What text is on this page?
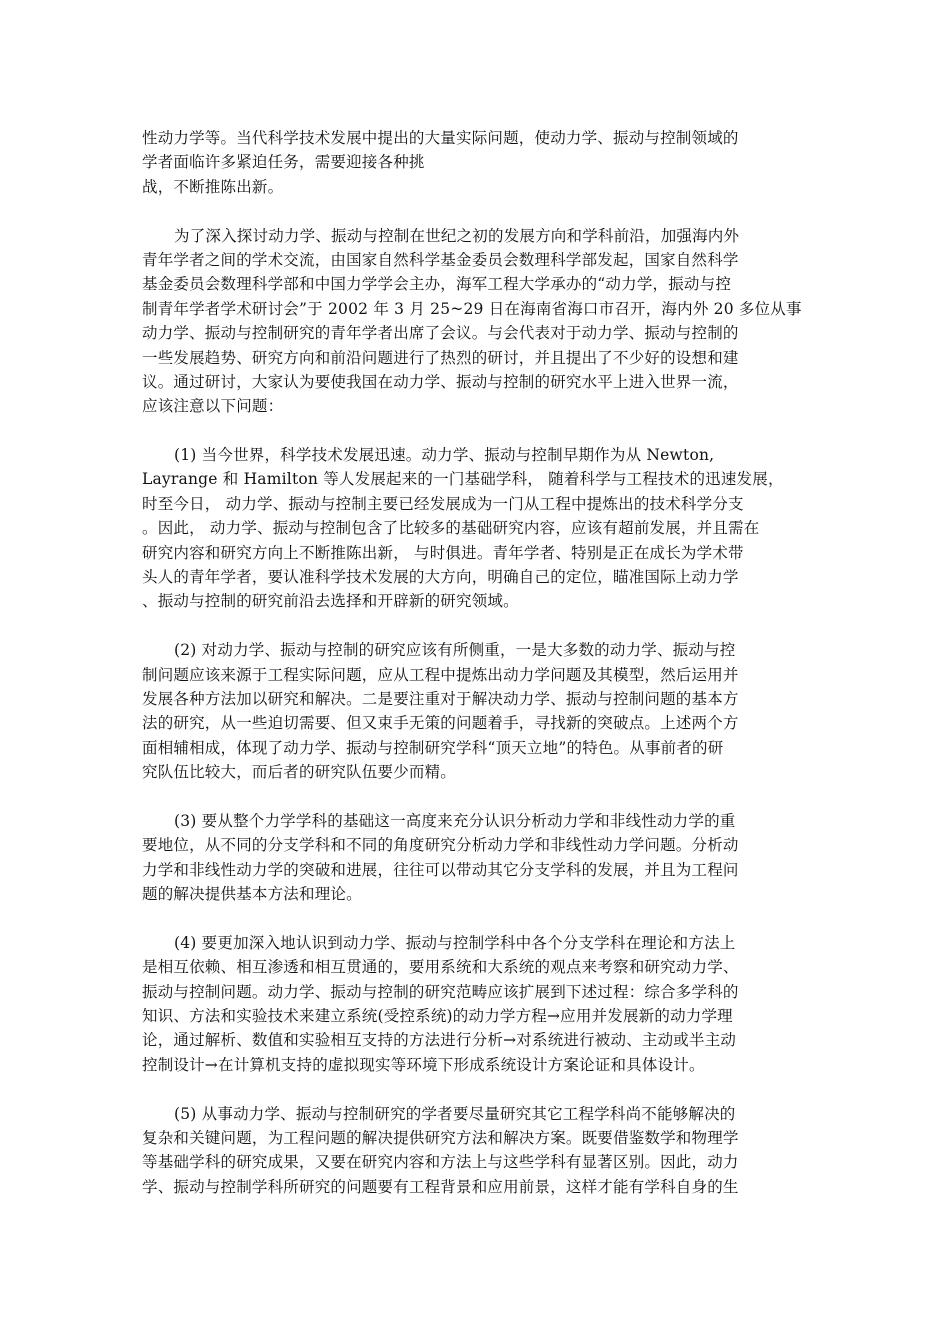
性动力学等。当代科学技术发展中提出的大量实际问题，使动力学、振动与控制领域的
学者面临许多紧迫任务，需要迎接各种挑
战，不断推陈出新。
为了深入探讨动力学、振动与控制在世纪之初的发展方向和学科前沿，加强海内外
青年学者之间的学术交流，由国家自然科学基金委员会数理科学部发起，国家自然科学
基金委员会数理科学部和中国力学学会主办，海军工程大学承办的“动力学，振动与控
制青年学者学术研讨会”于 2002 年 3 月 25~29 日在海南省海口市召开，海内外 20 多位从事
动力学、振动与控制研究的青年学者出席了会议。与会代表对于动力学、振动与控制的
一些发展趋势、研究方向和前沿问题进行了热烈的研讨，并且提出了不少好的设想和建
议。通过研讨，大家认为要使我国在动力学、振动与控制的研究水平上进入世界一流，
应该注意以下问题：
(1) 当今世界，科学技术发展迅速。动力学、振动与控制早期作为从 Newton,
Layrange 和 Hamilton 等人发展起来的一门基础学科， 随着科学与工程技术的迅速发展，
时至今日， 动力学、振动与控制主要已经发展成为一门从工程中提炼出的技术科学分支
。因此， 动力学、振动与控制包含了比较多的基础研究内容，应该有超前发展，并且需在
研究内容和研究方向上不断推陈出新， 与时俱进。青年学者、特别是正在成长为学术带
头人的青年学者，要认准科学技术发展的大方向，明确自己的定位，瞄准国际上动力学
、振动与控制的研究前沿去选择和开辟新的研究领域。
(2) 对动力学、振动与控制的研究应该有所侧重，一是大多数的动力学、振动与控
制问题应该来源于工程实际问题，应从工程中提炼出动力学问题及其模型，然后运用并
发展各种方法加以研究和解决。二是要注重对于解决动力学、振动与控制问题的基本方
法的研究，从一些迫切需要、但又束手无策的问题着手，寻找新的突破点。上述两个方
面相辅相成，体现了动力学、振动与控制研究学科“顶天立地”的特色。从事前者的研
究队伍比较大，而后者的研究队伍要少而精。
(3) 要从整个力学学科的基础这一高度来充分认识分析动力学和非线性动力学的重
要地位，从不同的分支学科和不同的角度研究分析动力学和非线性动力学问题。分析动
力学和非线性动力学的突破和进展，往往可以带动其它分支学科的发展，并且为工程问
题的解决提供基本方法和理论。
(4) 要更加深入地认识到动力学、振动与控制学科中各个分支学科在理论和方法上
是相互依赖、相互渗透和相互贯通的，要用系统和大系统的观点来考察和研究动力学、
振动与控制问题。动力学、振动与控制的研究范畴应该扩展到下述过程：综合多学科的
知识、方法和实验技术来建立系统(受控系统)的动力学方程→应用并发展新的动力学理
论，通过解析、数值和实验相互支持的方法进行分析→对系统进行被动、主动或半主动
控制设计→在计算机支持的虚拟现实等环境下形成系统设计方案论证和具体设计。
(5) 从事动力学、振动与控制研究的学者要尽量研究其它工程学科尚不能够解决的
复杂和关键问题，为工程问题的解决提供研究方法和解决方案。既要借鉴数学和物理学
等基础学科的研究成果，又要在研究内容和方法上与这些学科有显著区别。因此，动力
学、振动与控制学科所研究的问题要有工程背景和应用前景，这样才能有学科自身的生
